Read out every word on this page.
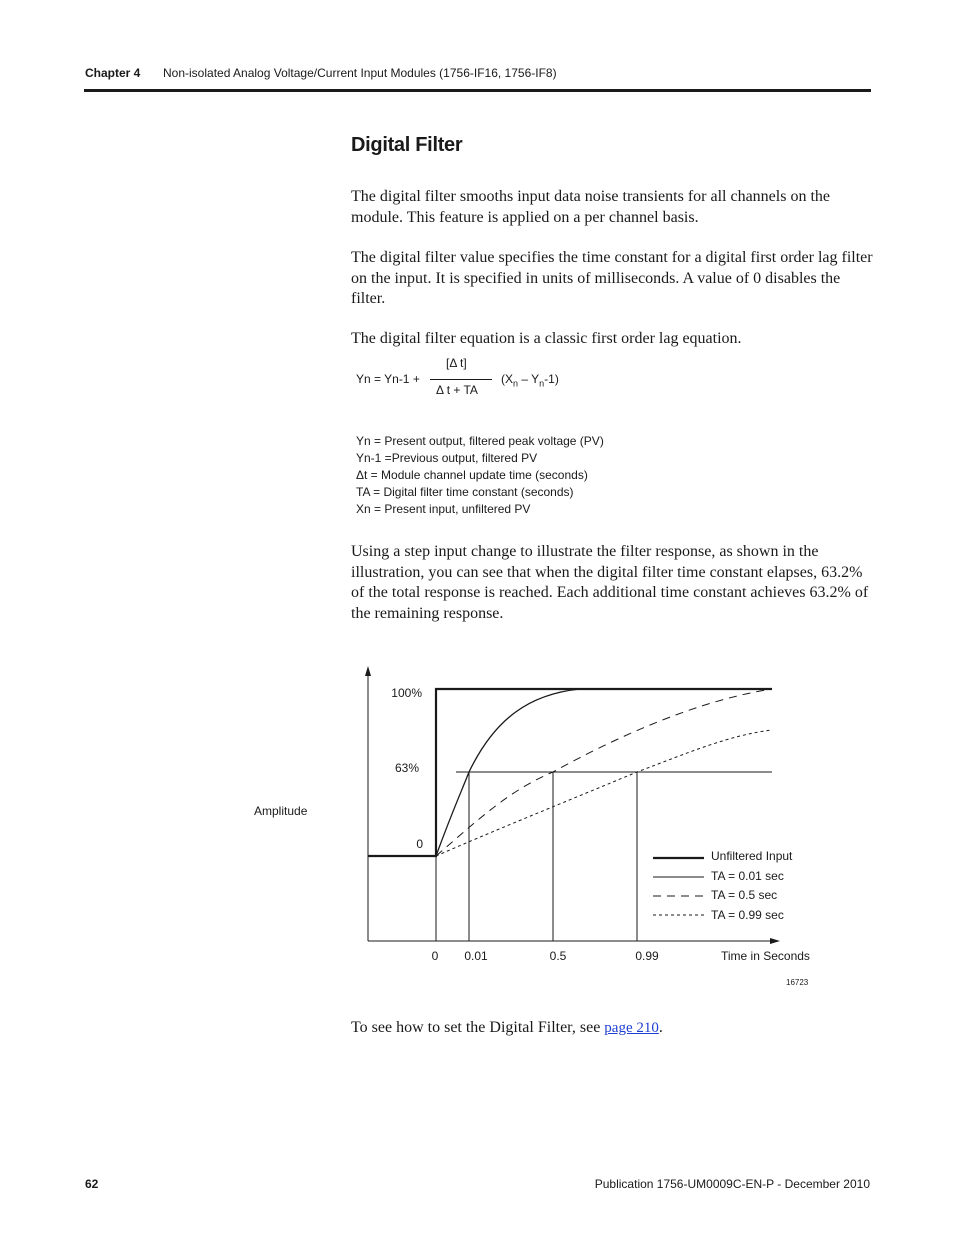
Chapter 4 Non-isolated Analog Voltage/Current Input Modules (1756-IF16, 1756-IF8)
Digital Filter

The digital filter smooths input data noise transients for all channels on the module. This feature is applied on a per channel basis.

The digital filter value specifies the time constant for a digital first order lag filter on the input. It is specified in units of milliseconds. A value of 0 disables the filter.

The digital filter equation is a classic first order lag equation.

Yn = Yn-1 +
[Δ t]
Δ t + TA
$(X_n - Y_n-1)$
Yn = Present output, filtered peak voltage (PV)
Yn-1 =Previous output, filtered PV
Δt = Module channel update time (seconds)
TA = Digital filter time constant (seconds)
Xn = Present input, unfiltered PV

Using a step input change to illustrate the filter response, as shown in the illustration, you can see that when the digital filter time constant elapses, 63.2% of the total response is reached. Each additional time constant achieves 63.2% of the remaining response.

100%
63%
0
Amplitude
0 0.01	0.5	0.99	Time in Seconds
Unfiltered Input
TA = 0.01 sec
TA = 0.5 sec
TA = 0.99 sec
16723

To see how to set the Digital Filter, see page 210.

62	Publication 1756-UM0009C-EN-P - December 2010
